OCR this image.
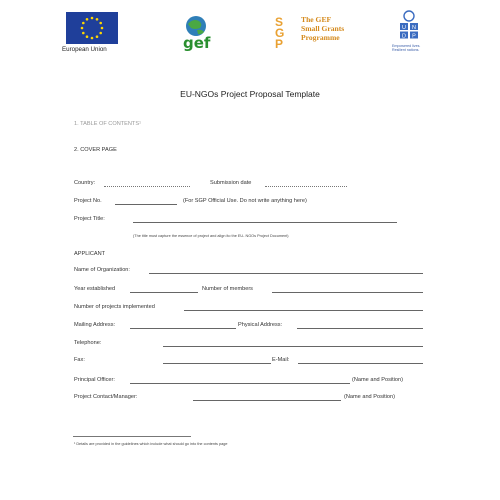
European Union	gef
S
G
P
The GEF
Small Grants
Programme
U N
D P
Empowered lives. Resilient nations.
EU-NGOs Project Proposal Template
1. TABLE OF CONTENTS¹
2. COVER PAGE
Country:	Submission date
Project No.	(For SGP Official Use. Do not write anything here)
Project Title:
(The title must capture the essence of project and align ito the EU- NGOs Project Document)
APPLICANT
Name of Organization:
Year established	Number of members
Number of projects implemented
Mailing Address:	Physical Address:
Telephone:
Fax:	E-Mail:
Principal Officer:	(Name and Position)
Project Contact/Manager:	(Name and Position)
¹ Details are provided in the guidelines which include what should go into the contents page
